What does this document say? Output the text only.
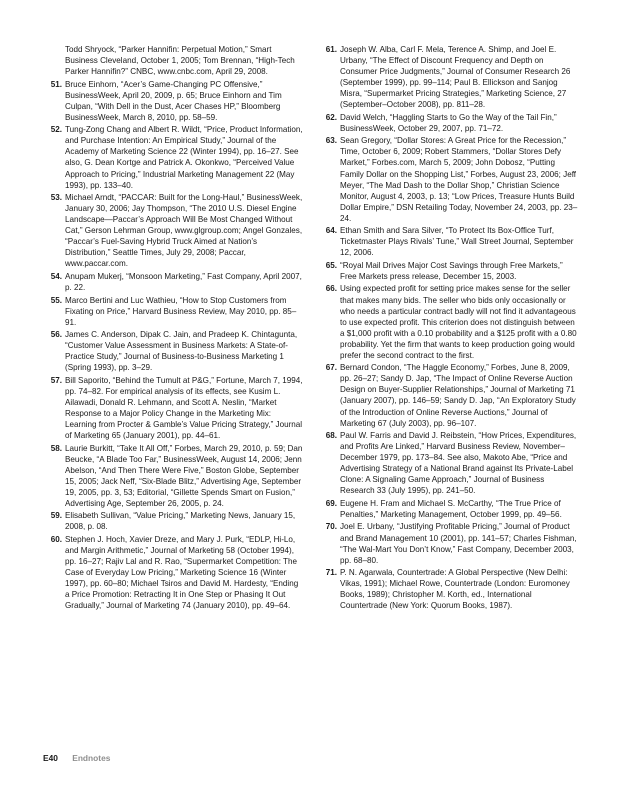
Todd Shryock, “Parker Hannifin: Perpetual Motion,” Smart Business Cleveland, October 1, 2005; Tom Brennan, “High-Tech Parker Hannifin?” CNBC, www.cnbc.com, April 29, 2008.
51. Bruce Einhorn, “Acer’s Game-Changing PC Offensive,” BusinessWeek, April 20, 2009, p. 65; Bruce Einhorn and Tim Culpan, “With Dell in the Dust, Acer Chases HP,” Bloomberg BusinessWeek, March 8, 2010, pp. 58–59.
52. Tung-Zong Chang and Albert R. Wildt, “Price, Product Information, and Purchase Intention: An Empirical Study,” Journal of the Academy of Marketing Science 22 (Winter 1994), pp. 16–27. See also, G. Dean Kortge and Patrick A. Okonkwo, “Perceived Value Approach to Pricing,” Industrial Marketing Management 22 (May 1993), pp. 133–40.
53. Michael Arndt, “PACCAR: Built for the Long-Haul,” BusinessWeek, January 30, 2006; Jay Thompson, “The 2010 U.S. Diesel Engine Landscape—Paccar’s Approach Will Be Most Changed Without Cat,” Gerson Lehrman Group, www.glgroup.com; Angel Gonzales, “Paccar’s Fuel-Saving Hybrid Truck Aimed at Nation’s Distribution,” Seattle Times, July 29, 2008; Paccar, www.paccar.com.
54. Anupam Mukerj, “Monsoon Marketing,” Fast Company, April 2007, p. 22.
55. Marco Bertini and Luc Wathieu, “How to Stop Customers from Fixating on Price,” Harvard Business Review, May 2010, pp. 85–91.
56. James C. Anderson, Dipak C. Jain, and Pradeep K. Chintagunta, “Customer Value Assessment in Business Markets: A State-of-Practice Study,” Journal of Business-to-Business Marketing 1 (Spring 1993), pp. 3–29.
57. Bill Saporito, “Behind the Tumult at P&G,” Fortune, March 7, 1994, pp. 74–82. For empirical analysis of its effects, see Kusim L. Ailawadi, Donald R. Lehmann, and Scott A. Neslin, “Market Response to a Major Policy Change in the Marketing Mix: Learning from Procter & Gamble’s Value Pricing Strategy,” Journal of Marketing 65 (January 2001), pp. 44–61.
58. Laurie Burkitt, “Take It All Off,” Forbes, March 29, 2010, p. 59; Dan Beucke, “A Blade Too Far,” BusinessWeek, August 14, 2006; Jenn Abelson, “And Then There Were Five,” Boston Globe, September 15, 2005; Jack Neff, “Six-Blade Blitz,” Advertising Age, September 19, 2005, pp. 3, 53; Editorial, “Gillette Spends Smart on Fusion,” Advertising Age, September 26, 2005, p. 24.
59. Elisabeth Sullivan, “Value Pricing,” Marketing News, January 15, 2008, p. 08.
60. Stephen J. Hoch, Xavier Dreze, and Mary J. Purk, “EDLP, Hi-Lo, and Margin Arithmetic,” Journal of Marketing 58 (October 1994), pp. 16–27; Rajiv Lal and R. Rao, “Supermarket Competition: The Case of Everyday Low Pricing,” Marketing Science 16 (Winter 1997), pp. 60–80; Michael Tsiros and David M. Hardesty, “Ending a Price Promotion: Retracting It in One Step or Phasing It Out Gradually,” Journal of Marketing 74 (January 2010), pp. 49–64.
61. Joseph W. Alba, Carl F. Mela, Terence A. Shimp, and Joel E. Urbany, “The Effect of Discount Frequency and Depth on Consumer Price Judgments,” Journal of Consumer Research 26 (September 1999), pp. 99–114; Paul B. Ellickson and Sanjog Misra, “Supermarket Pricing Strategies,” Marketing Science, 27 (September–October 2008), pp. 811–28.
62. David Welch, “Haggling Starts to Go the Way of the Tail Fin,” BusinessWeek, October 29, 2007, pp. 71–72.
63. Sean Gregory, “Dollar Stores: A Great Price for the Recession,” Time, October 6, 2009; Robert Stammers, “Dollar Stores Defy Market,” Forbes.com, March 5, 2009; John Dobosz, “Putting Family Dollar on the Shopping List,” Forbes, August 23, 2006; Jeff Meyer, “The Mad Dash to the Dollar Shop,” Christian Science Monitor, August 4, 2003, p. 13; “Low Prices, Treasure Hunts Build Dollar Empire,” DSN Retailing Today, November 24, 2003, pp. 23–24.
64. Ethan Smith and Sara Silver, “To Protect Its Box-Office Turf, Ticketmaster Plays Rivals’ Tune,” Wall Street Journal, September 12, 2006.
65. “Royal Mail Drives Major Cost Savings through Free Markets,” Free Markets press release, December 15, 2003.
66. Using expected profit for setting price makes sense for the seller that makes many bids. The seller who bids only occasionally or who needs a particular contract badly will not find it advantageous to use expected profit. This criterion does not distinguish between a $1,000 profit with a 0.10 probability and a $125 profit with a 0.80 probability. Yet the firm that wants to keep production going would prefer the second contract to the first.
67. Bernard Condon, “The Haggle Economy,” Forbes, June 8, 2009, pp. 26–27; Sandy D. Jap, “The Impact of Online Reverse Auction Design on Buyer-Supplier Relationships,” Journal of Marketing 71 (January 2007), pp. 146–59; Sandy D. Jap, “An Exploratory Study of the Introduction of Online Reverse Auctions,” Journal of Marketing 67 (July 2003), pp. 96–107.
68. Paul W. Farris and David J. Reibstein, “How Prices, Expenditures, and Profits Are Linked,” Harvard Business Review, November–December 1979, pp. 173–84. See also, Makoto Abe, “Price and Advertising Strategy of a National Brand against Its Private-Label Clone: A Signaling Game Approach,” Journal of Business Research 33 (July 1995), pp. 241–50.
69. Eugene H. Fram and Michael S. McCarthy, “The True Price of Penalties,” Marketing Management, October 1999, pp. 49–56.
70. Joel E. Urbany, “Justifying Profitable Pricing,” Journal of Product and Brand Management 10 (2001), pp. 141–57; Charles Fishman, “The Wal-Mart You Don’t Know,” Fast Company, December 2003, pp. 68–80.
71. P. N. Agarwala, Countertrade: A Global Perspective (New Delhi: Vikas, 1991); Michael Rowe, Countertrade (London: Euromoney Books, 1989); Christopher M. Korth, ed., International Countertrade (New York: Quorum Books, 1987).
E40 Endnotes
